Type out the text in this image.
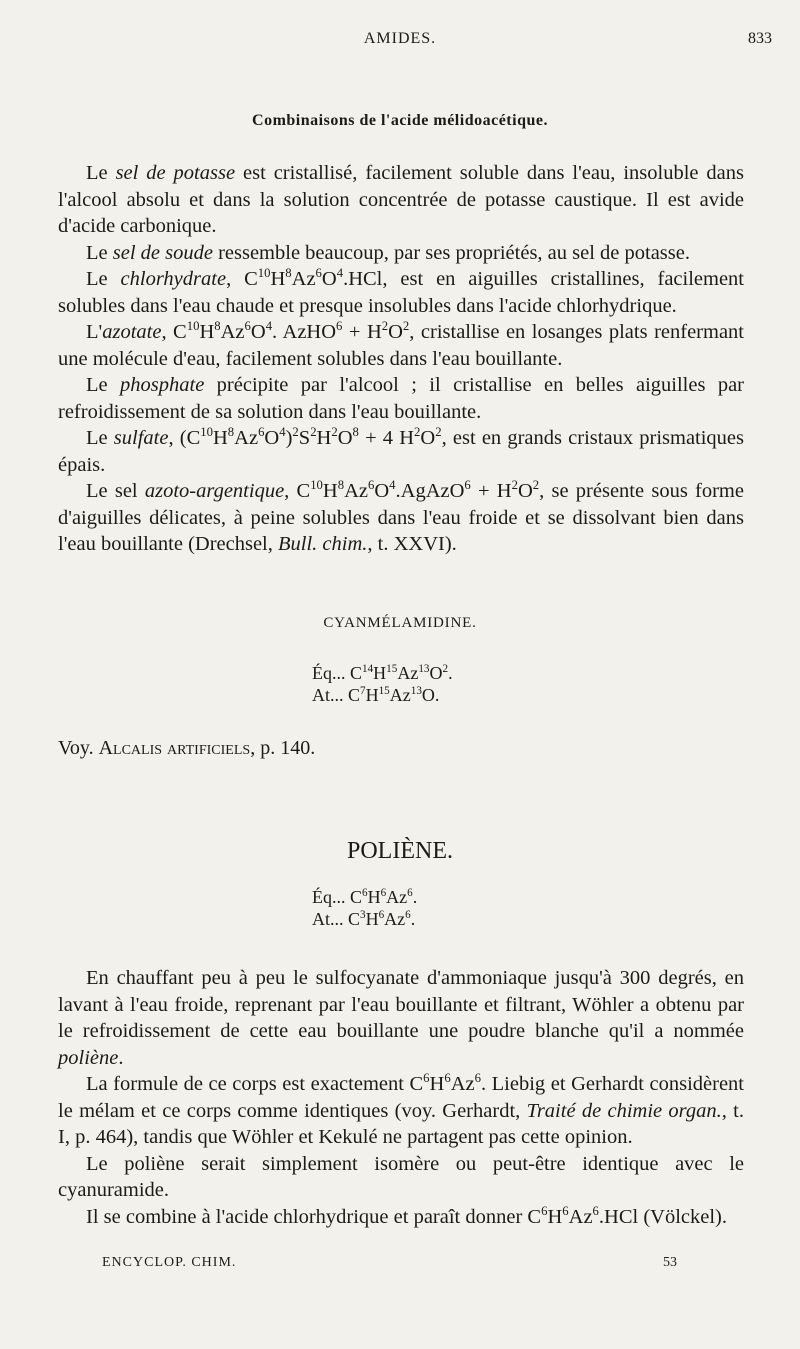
AMIDES.	833
Combinaisons de l'acide mélidoacétique.

Le sel de potasse est cristallisé, facilement soluble dans l'eau, insoluble dans l'alcool absolu et dans la solution concentrée de potasse caustique. Il est avide d'acide carbonique.

Le sel de soude ressemble beaucoup, par ses propriétés, au sel de potasse.

Le chlorhydrate, $C^{10}H^8Az^6O^4.HCl$, est en aiguilles cristallines, facilement solubles dans l'eau chaude et presque insolubles dans l'acide chlorhydrique.

L'azotate, $C^{10}H^8Az^6O^4$. AzHO$^6$ + $H^2O^2$, cristallise en losanges plats renfermant une molécule d'eau, facilement solubles dans l'eau bouillante.

Le phosphate précipite par l'alcool ; il cristallise en belles aiguilles par refroidissement de sa solution dans l'eau bouillante.

Le sulfate, $(C^{10}H^8Az^6O^4)^2S^2H^2O^8 + 4$ $H^2O^2$, est en grands cristaux prismatiques épais.

Le sel azoto-argentique, $C^{10}H^8Az^6O^4.AgAzO^6 + H^2O^2$, se présente sous forme d'aiguilles délicates, à peine solubles dans l'eau froide et se dissolvant bien dans l'eau bouillante (Drechsel, Bull. chim., t. XXVI).

CYANMÉLAMIDINE.
Éq... $C^{14}H^{15}Az^{13}O^2$.
At... $C^7H^{15}Az^{13}O$.
Voy. Alcalis artificiels, p. 140.
POLIÈNE.
Éq... $C^6H^6Az^6$.
At... $C^3H^6Az^6$.

En chauffant peu à peu le sulfocyanate d'ammoniaque jusqu'à 300 degrés, en lavant à l'eau froide, reprenant par l'eau bouillante et filtrant, Wöhler a obtenu par le refroidissement de cette eau bouillante une poudre blanche qu'il a nommée poliène.

La formule de ce corps est exactement $C^6H^6Az^6$. Liebig et Gerhardt considèrent le mélam et ce corps comme identiques (voy. Gerhardt, Traité de chimie organ., t. I, p. 464), tandis que Wöhler et Kekulé ne partagent pas cette opinion.

Le poliène serait simplement isomère ou peut-être identique avec le cyanuramide.

Il se combine à l'acide chlorhydrique et paraît donner $C^6H^6Az^6.HCl$ (Völckel).

ENCYCLOP. CHIM.	53
